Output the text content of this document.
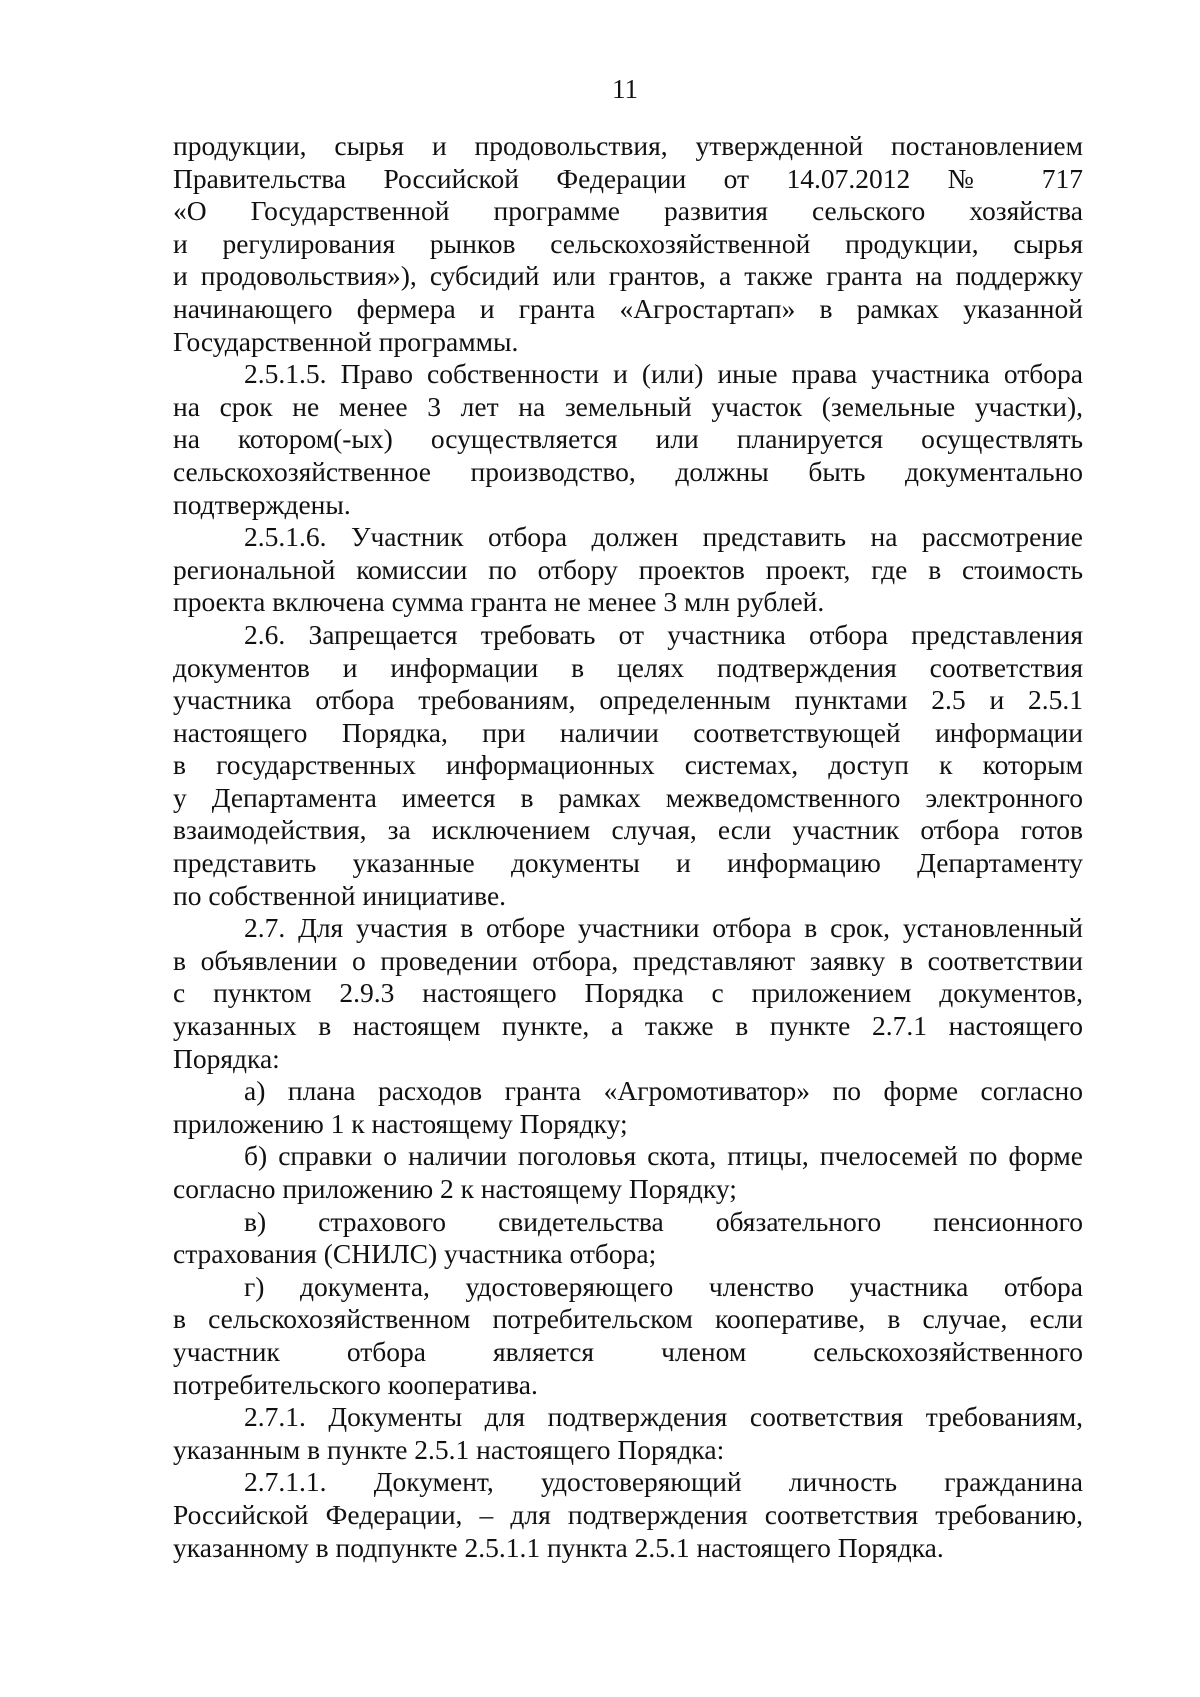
11
продукции, сырья и продовольствия, утвержденной постановлением
Правительства Российской Федерации от 14.07.2012 № 717
«О Государственной программе развития сельского хозяйства
и регулирования рынков сельскохозяйственной продукции, сырья
и продовольствия»), субсидий или грантов, а также гранта на поддержку
начинающего фермера и гранта «Агростартап» в рамках указанной
Государственной программы.
2.5.1.5. Право собственности и (или) иные права участника отбора
на срок не менее 3 лет на земельный участок (земельные участки),
на котором(-ых) осуществляется или планируется осуществлять
сельскохозяйственное производство, должны быть документально
подтверждены.
2.5.1.6. Участник отбора должен представить на рассмотрение
региональной комиссии по отбору проектов проект, где в стоимость
проекта включена сумма гранта не менее 3 млн рублей.
2.6. Запрещается требовать от участника отбора представления
документов и информации в целях подтверждения соответствия
участника отбора требованиям, определенным пунктами 2.5 и 2.5.1
настоящего Порядка, при наличии соответствующей информации
в государственных информационных системах, доступ к которым
у Департамента имеется в рамках межведомственного электронного
взаимодействия, за исключением случая, если участник отбора готов
представить указанные документы и информацию Департаменту
по собственной инициативе.
2.7. Для участия в отборе участники отбора в срок, установленный
в объявлении о проведении отбора, представляют заявку в соответствии
с пунктом 2.9.3 настоящего Порядка с приложением документов,
указанных в настоящем пункте, а также в пункте 2.7.1 настоящего
Порядка:
а) плана расходов гранта «Агромотиватор» по форме согласно
приложению 1 к настоящему Порядку;
б) справки о наличии поголовья скота, птицы, пчелосемей по форме
согласно приложению 2 к настоящему Порядку;
в) страхового свидетельства обязательного пенсионного
страхования (СНИЛС) участника отбора;
г) документа, удостоверяющего членство участника отбора
в сельскохозяйственном потребительском кооперативе, в случае, если
участник отбора является членом сельскохозяйственного
потребительского кооператива.
2.7.1. Документы для подтверждения соответствия требованиям,
указанным в пункте 2.5.1 настоящего Порядка:
2.7.1.1. Документ, удостоверяющий личность гражданина
Российской Федерации, – для подтверждения соответствия требованию,
указанному в подпункте 2.5.1.1 пункта 2.5.1 настоящего Порядка.
